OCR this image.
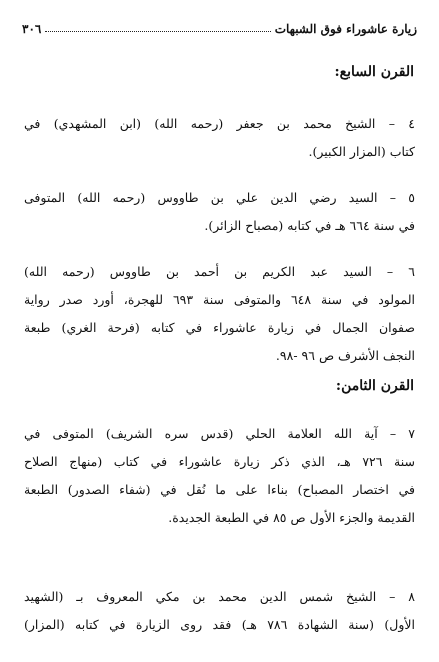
٣٠٦	زيارة عاشوراء فوق الشبهات
القرن السابع:
٤ – الشيخ محمد بن جعفر (رحمه الله) (ابن المشهدي) في
كتاب (المزار الكبير).
٥ – السيد رضي الدين علي بن طاووس (رحمه الله) المتوفى
في سنة ٦٦٤ هـ في كتابه (مصباح الزائر).
٦ – السيد عبد الكريم بن أحمد بن طاووس (رحمه الله)
المولود في سنة ٦٤٨ والمتوفى سنة ٦٩٣ للهجرة، أورد صدر رواية
صفوان الجمال في زيارة عاشوراء في كتابه (فرحة الغري) طبعة
النجف الأشرف ص ٩٦ -٩٨.
القرن الثامن:
٧ – آية الله العلامة الحلي (قدس سره الشريف) المتوفى في
سنة ٧٢٦ هـ، الذي ذكر زيارة عاشوراء في كتاب (منهاج الصلاح
في اختصار المصباح) بناءا على ما نُقل في (شفاء الصدور) الطبعة
القديمة والجزء الأول ص ٨٥ في الطبعة الجديدة.
٨ – الشيخ شمس الدين محمد بن مكي المعروف بـ (الشهيد
الأول) (سنة الشهادة ٧٨٦ هـ) فقد روى الزيارة في كتابه (المزار)
